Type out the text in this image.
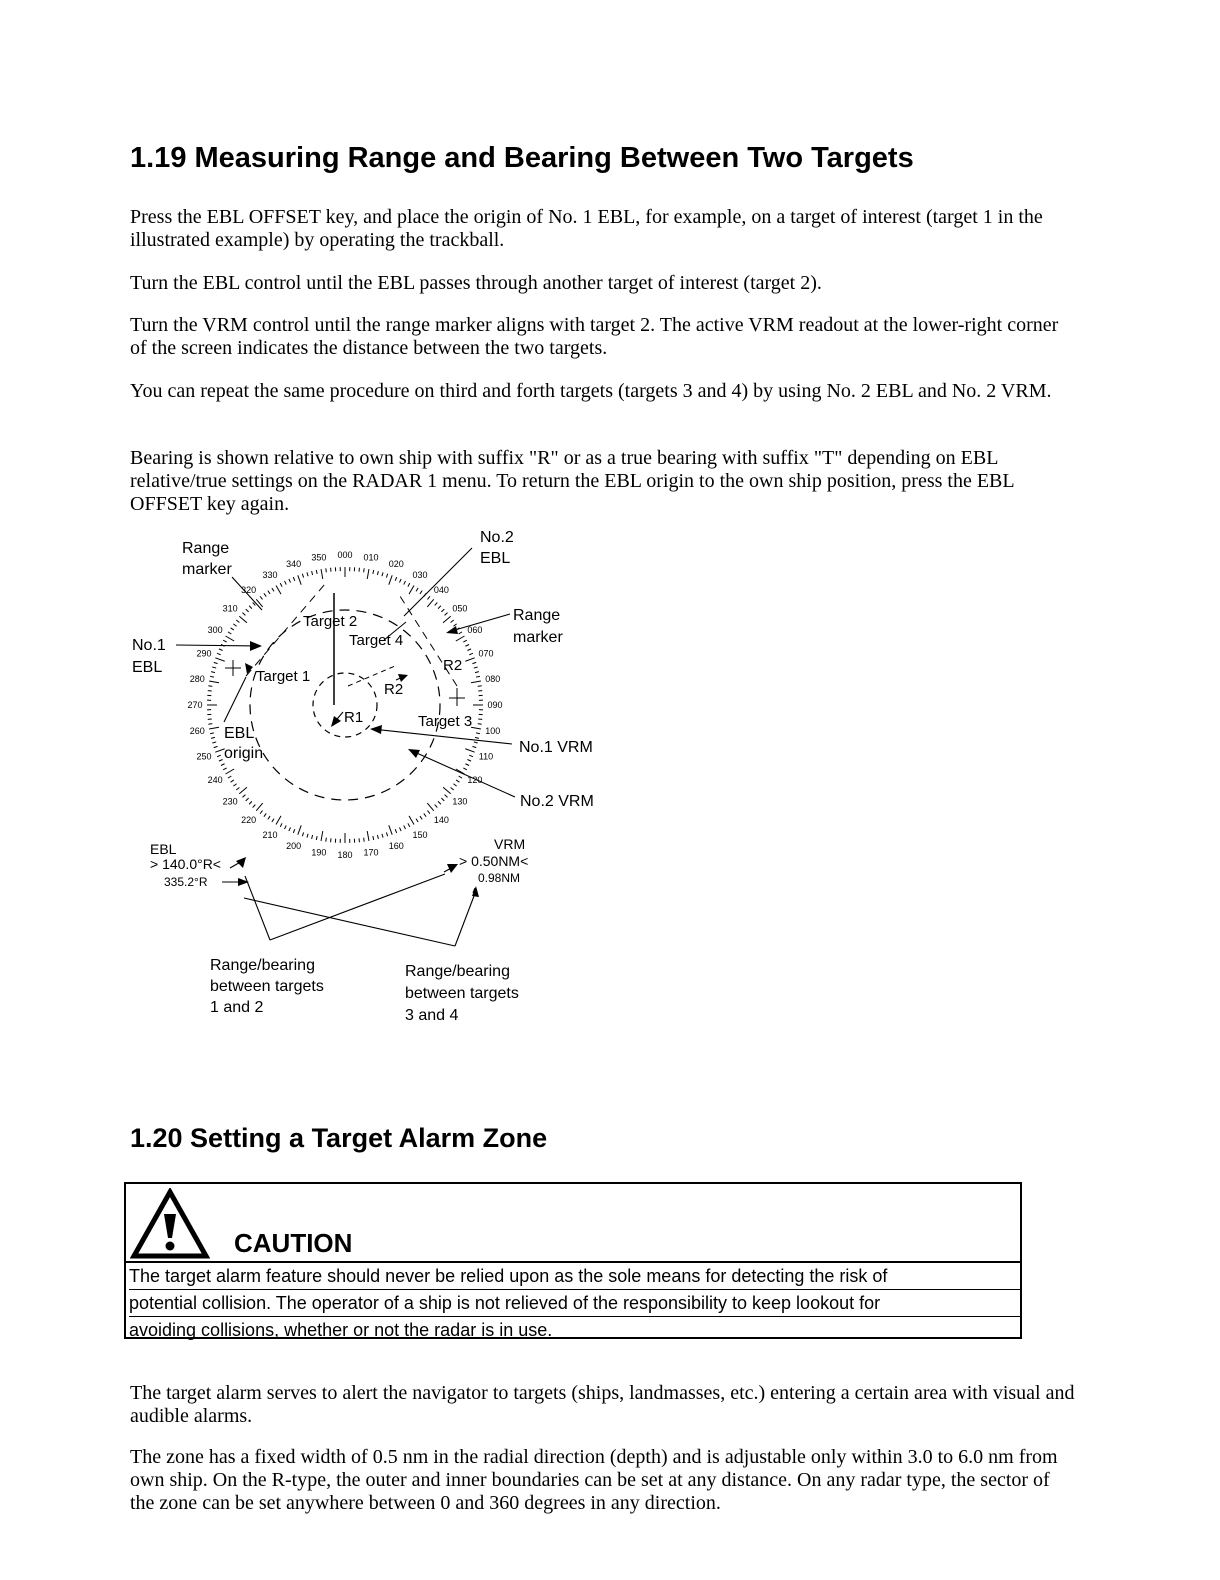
1.19 Measuring Range and Bearing Between Two Targets

Press the EBL OFFSET key, and place the origin of No. 1 EBL, for example, on a target of interest (target 1 in the illustrated example) by operating the trackball.

Turn the EBL control until the EBL passes through another target of interest (target 2).

Turn the VRM control until the range marker aligns with target 2. The active VRM readout at the lower-right corner of the screen indicates the distance between the two targets.

You can repeat the same procedure on third and forth targets (targets 3 and 4) by using No. 2 EBL and No. 2 VRM.

Bearing is shown relative to own ship with suffix "R" or as a true bearing with suffix "T" depending on EBL relative/true settings on the RADAR 1 menu. To return the EBL origin to the own ship position, press the EBL OFFSET key again.

000 010
020
030
040
050
060
070
080
090
100
110
120
130
140
150
160
170
180
190
200
210
220
230
240
250
260
270
280
290
300
310
320
330
340
350
Range
marker
No.2
EBL
Range
marker
No.1
EBL
Target 1
Target 2
Target 3
Target 4
R1
R2
R2
EBL
origin	No.1 VRM
No.2 VRM
EBL
> 140.0°R<
335.2°R
VRM
> 0.50NM<
0.98NM
Range/bearing
between targets
1 and 2
Range/bearing
between targets
3 and 4
1.20 Setting a Target Alarm Zone
CAUTION
The target alarm feature should never be relied upon as the sole means for detecting the risk of
potential collision. The operator of a ship is not relieved of the responsibility to keep lookout for
avoiding collisions, whether or not the radar is in use.

The target alarm serves to alert the navigator to targets (ships, landmasses, etc.) entering a certain area with visual and audible alarms.

The zone has a fixed width of 0.5 nm in the radial direction (depth) and is adjustable only within 3.0 to 6.0 nm from own ship. On the R-type, the outer and inner boundaries can be set at any distance. On any radar type, the sector of the zone can be set anywhere between 0 and 360 degrees in any direction.
